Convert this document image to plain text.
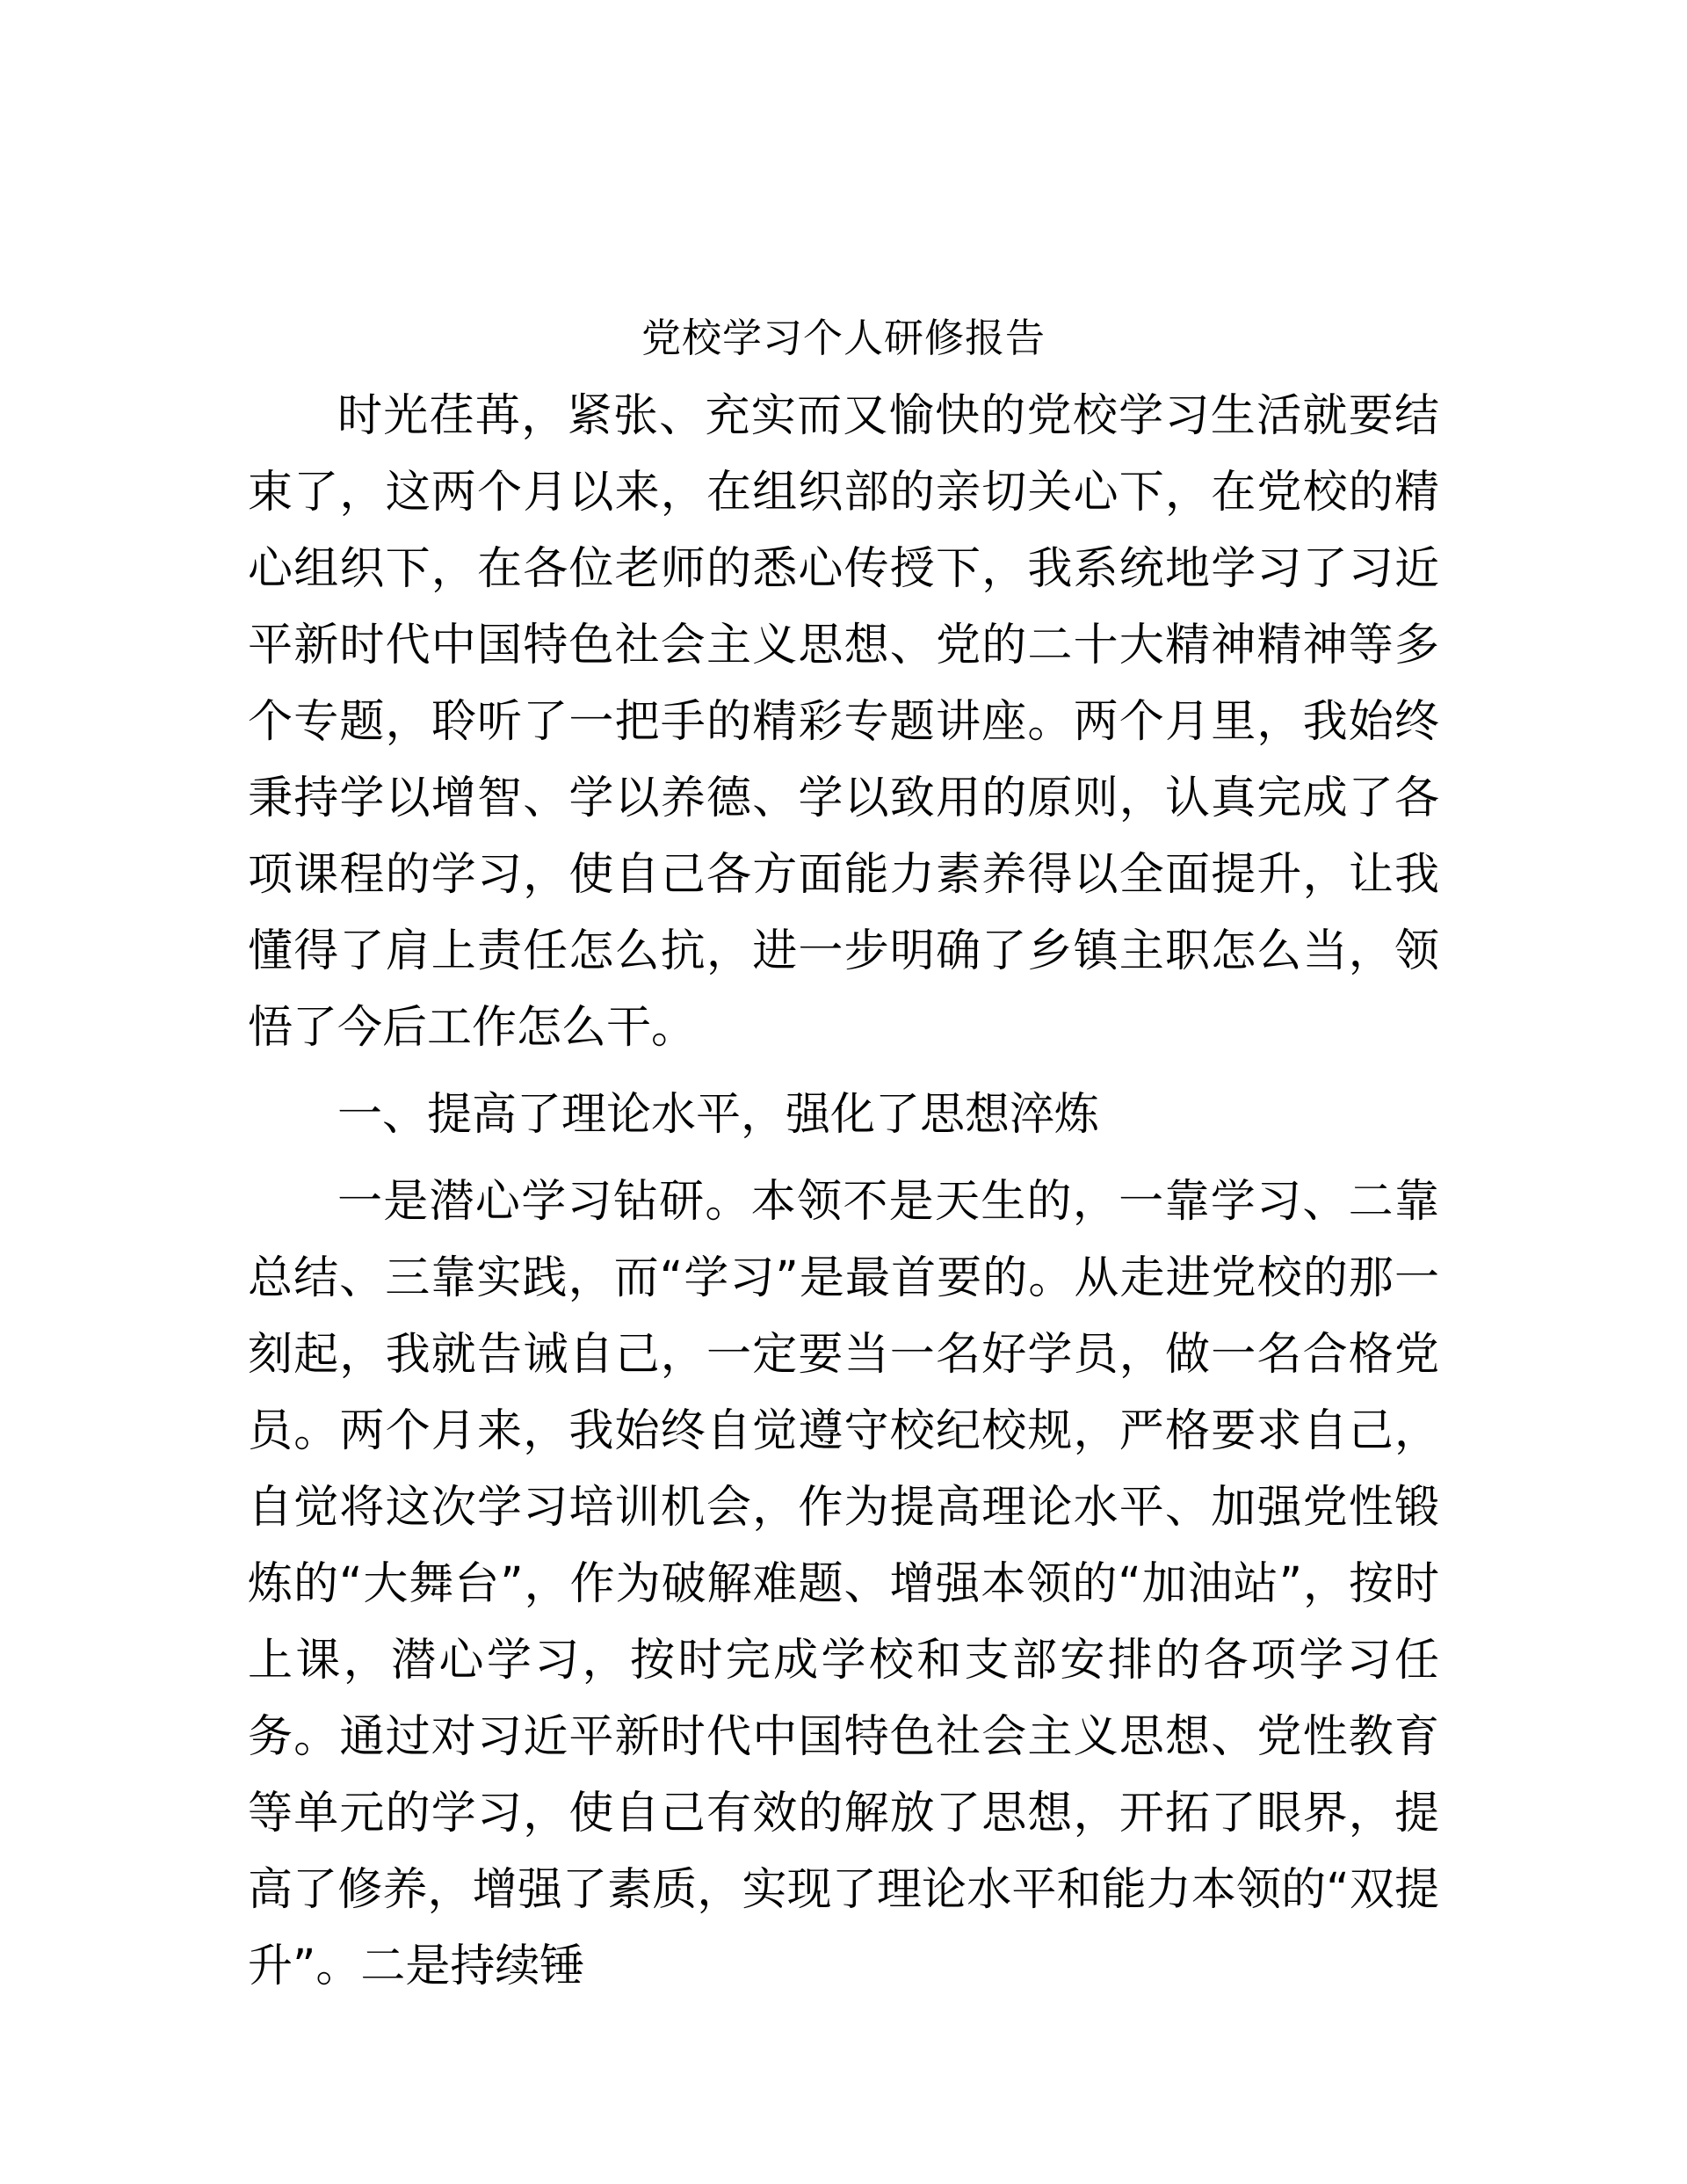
党校学习个人研修报告

时光荏苒，紧张、充实而又愉快的党校学习生活就要结束了，这两个月以来，在组织部的亲切关心下，在党校的精心组织下，在各位老师的悉心传授下，我系统地学习了习近平新时代中国特色社会主义思想、党的二十大精神精神等多个专题，聆听了一把手的精彩专题讲座。两个月里，我始终秉持学以增智、学以养德、学以致用的原则，认真完成了各项课程的学习，使自己各方面能力素养得以全面提升，让我懂得了肩上责任怎么抗，进一步明确了乡镇主职怎么当，领悟了今后工作怎么干。

一、提高了理论水平，强化了思想淬炼

一是潜心学习钻研。本领不是天生的，一靠学习、二靠总结、三靠实践，而“学习”是最首要的。从走进党校的那一刻起，我就告诫自己，一定要当一名好学员，做一名合格党员。两个月来，我始终自觉遵守校纪校规，严格要求自己，自觉将这次学习培训机会，作为提高理论水平、加强党性锻炼的“大舞台”，作为破解难题、增强本领的“加油站”，按时上课，潜心学习，按时完成学校和支部安排的各项学习任务。通过对习近平新时代中国特色社会主义思想、党性教育等单元的学习，使自己有效的解放了思想，开拓了眼界，提高了修养，增强了素质，实现了理论水平和能力本领的“双提升”。二是持续锤
